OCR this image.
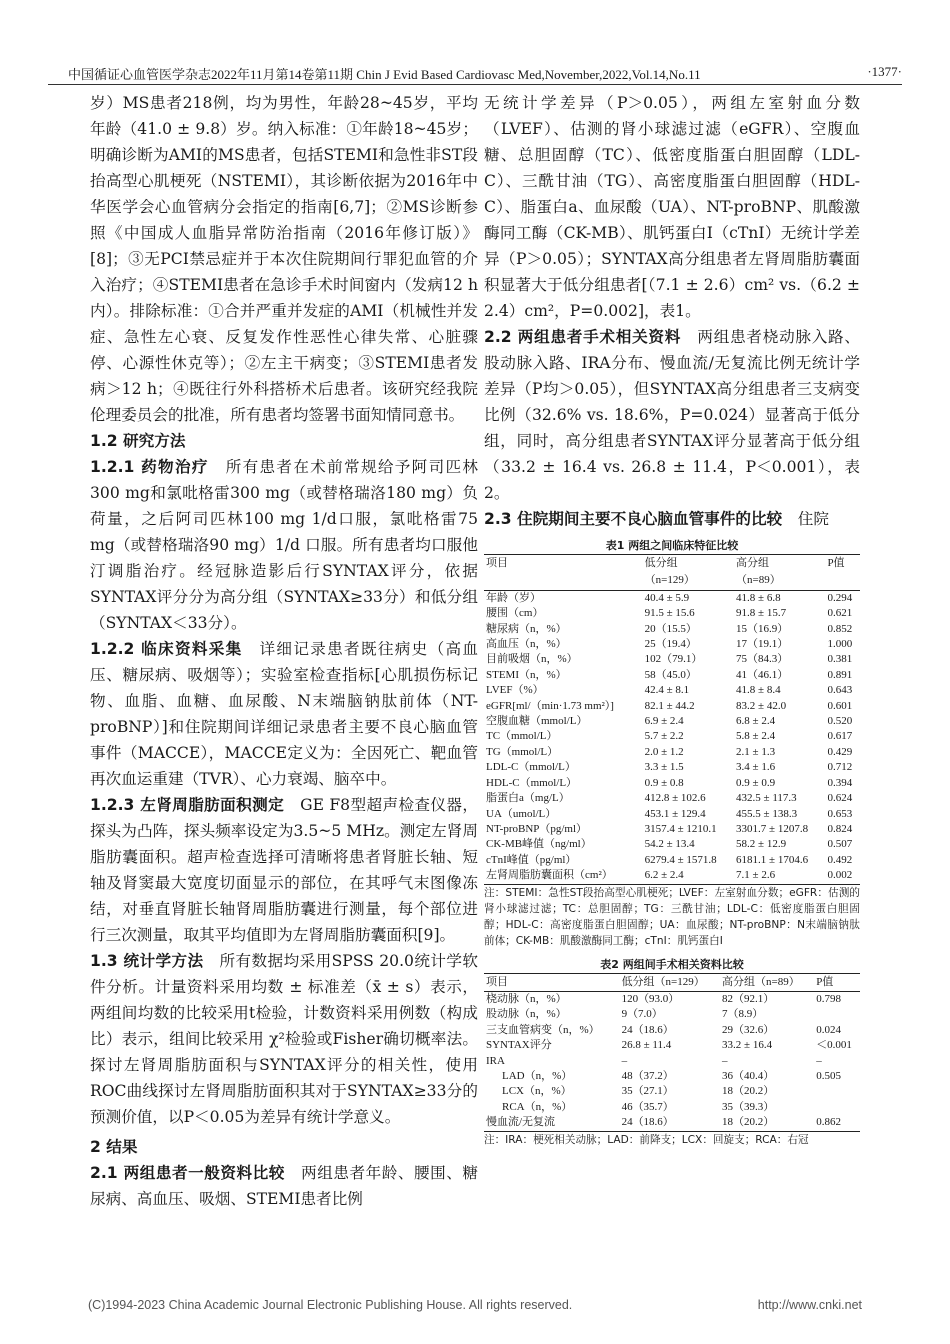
中国循证心血管医学杂志2022年11月第14卷第11期 Chin J Evid Based Cardiovasc Med,November,2022,Vol.14,No.11	·1377·

岁）MS患者218例，均为男性，年龄28~45岁，平均年龄（41.0 ± 9.8）岁。纳入标准：①年龄18~45岁；明确诊断为AMI的MS患者，包括STEMI和急性非ST段抬高型心肌梗死（NSTEMI），其诊断依据为2016年中华医学会心血管病分会指定的指南[6,7]；②MS诊断参照《中国成人血脂异常防治指南（2016年修订版）》[8]；③无PCI禁忌症并于本次住院期间行罪犯血管的介入治疗；④STEMI患者在急诊手术时间窗内（发病12 h内）。排除标准：①合并严重并发症的AMI（机械性并发症、急性左心衰、反复发作性恶性心律失常、心脏骤停、心源性休克等）；②左主干病变；③STEMI患者发病＞12 h；④既往行外科搭桥术后患者。该研究经我院伦理委员会的批准，所有患者均签署书面知情同意书。

1.2 研究方法

1.2.1 药物治疗　 所有患者在术前常规给予阿司匹林300 mg和氯吡格雷300 mg（或替格瑞洛180 mg）负荷量，之后阿司匹林100 mg 1/d口服，氯吡格雷75 mg（或替格瑞洛90 mg）1/d 口服。所有患者均口服他汀调脂治疗。经冠脉造影后行SYNTAX评分，依据SYNTAX评分分为高分组（SYNTAX≥33分）和低分组（SYNTAX＜33分）。

1.2.2 临床资料采集　 详细记录患者既往病史（高血压、糖尿病、吸烟等）；实验室检查指标[心肌损伤标记物、血脂、血糖、血尿酸、N末端脑钠肽前体（NT-proBNP）]和住院期间详细记录患者主要不良心脑血管事件（MACCE），MACCE定义为：全因死亡、靶血管再次血运重建（TVR）、心力衰竭、脑卒中。

1.2.3 左肾周脂肪面积测定　 GE F8型超声检查仪器，探头为凸阵，探头频率设定为3.5~5 MHz。测定左肾周脂肪囊面积。超声检查选择可清晰将患者肾脏长轴、短轴及肾窦最大宽度切面显示的部位，在其呼气末图像冻结，对垂直肾脏长轴肾周脂肪囊进行测量，每个部位进行三次测量，取其平均值即为左肾周脂肪囊面积[9]。

1.3 统计学方法　 所有数据均采用SPSS 20.0统计学软件分析。计量资料采用均数 ± 标准差（x̄ ± s）表示，两组间均数的比较采用t检验，计数资料采用例数（构成比）表示，组间比较采用 χ²检验或Fisher确切概率法。探讨左肾周脂肪面积与SYNTAX评分的相关性，使用ROC曲线探讨左肾周脂肪面积其对于SYNTAX≥33分的预测价值，以P＜0.05为差异有统计学意义。

2 结果

2.1 两组患者一般资料比较　 两组患者年龄、腰围、糖尿病、高血压、吸烟、STEMI患者比例

无统计学差异（P＞0.05），两组左室射血分数（LVEF）、估测的肾小球滤过滤（eGFR）、空腹血糖、总胆固醇（TC）、低密度脂蛋白胆固醇（LDL-C）、三酰甘油（TG）、高密度脂蛋白胆固醇（HDL-C）、脂蛋白a、血尿酸（UA）、NT-proBNP、肌酸激酶同工酶（CK-MB）、肌钙蛋白I（cTnI）无统计学差异（P＞0.05）；SYNTAX高分组患者左肾周脂肪囊面积显著大于低分组患者[（7.1 ± 2.6）cm² vs.（6.2 ± 2.4）cm²，P=0.002]，表1。

2.2 两组患者手术相关资料　 两组患者桡动脉入路、股动脉入路、IRA分布、慢血流/无复流比例无统计学差异（P均＞0.05），但SYNTAX高分组患者三支病变比例（32.6% vs. 18.6%，P=0.024）显著高于低分组，同时，高分组患者SYNTAX评分显著高于低分组（33.2 ± 16.4 vs. 26.8 ± 11.4，P＜0.001），表2。

2.3 住院期间主要不良心脑血管事件的比较　 住院

表1 两组之间临床特征比较
项目	低分组	高分组	P值
	（n=129）	（n=89）	
年龄（岁）	40.4 ± 5.9	41.8 ± 6.8	0.294
腰围（cm）	91.5 ± 15.6	91.8 ± 15.7	0.621
糖尿病（n，%）	20（15.5）	15（16.9）	0.852
高血压（n，%）	25（19.4）	17（19.1）	1.000
目前吸烟（n，%）	102（79.1）	75（84.3）	0.381
STEMI（n，%）	58（45.0）	41（46.1）	0.891
LVEF（%）	42.4 ± 8.1	41.8 ± 8.4	0.643
eGFR[ml/（min·1.73 mm²）]	82.1 ± 44.2	83.2 ± 42.0	0.601
空腹血糖（mmol/L）	6.9 ± 2.4	6.8 ± 2.4	0.520
TC（mmol/L）	5.7 ± 2.2	5.8 ± 2.4	0.617
TG（mmol/L）	2.0 ± 1.2	2.1 ± 1.3	0.429
LDL-C（mmol/L）	3.3 ± 1.5	3.4 ± 1.6	0.712
HDL-C（mmol/L）	0.9 ± 0.8	0.9 ± 0.9	0.394
脂蛋白a（mg/L）	412.8 ± 102.6	432.5 ± 117.3	0.624
UA（umol/L）	453.1 ± 129.4	455.5 ± 138.3	0.653
NT-proBNP（pg/ml）	3157.4 ± 1210.1	3301.7 ± 1207.8	0.824
CK-MB峰值（ng/ml）	54.2 ± 13.4	58.2 ± 12.9	0.507
cTnI峰值（pg/ml）	6279.4 ± 1571.8	6181.1 ± 1704.6	0.492
左肾周脂肪囊面积（cm²）	6.2 ± 2.4	7.1 ± 2.6	0.002
注：STEMI：急性ST段抬高型心肌梗死；LVEF：左室射血分数；eGFR：估测的肾小球滤过滤；TC：总胆固醇；TG：三酰甘油；LDL-C：低密度脂蛋白胆固醇；HDL-C：高密度脂蛋白胆固醇；UA：血尿酸；NT-proBNP：N末端脑钠肽前体；CK-MB：肌酸激酶同工酶；cTnI：肌钙蛋白I
表2 两组间手术相关资料比较
项目	低分组（n=129）	高分组（n=89）	P值
桡动脉（n，%）	120（93.0）	82（92.1）	0.798
股动脉（n，%）	9（7.0）	7（8.9）	
三支血管病变（n，%）	24（18.6）	29（32.6）	0.024
SYNTAX评分	26.8 ± 11.4	33.2 ± 16.4	＜0.001
IRA	–	–	–
LAD（n，%）	48（37.2）	36（40.4）	0.505
LCX（n，%）	35（27.1）	18（20.2）	
RCA（n，%）	46（35.7）	35（39.3）	
慢血流/无复流	24（18.6）	18（20.2）	0.862
注：IRA：梗死相关动脉；LAD：前降支；LCX：回旋支；RCA：右冠
(C)1994-2023 China Academic Journal Electronic Publishing House. All rights reserved.	http://www.cnki.net
